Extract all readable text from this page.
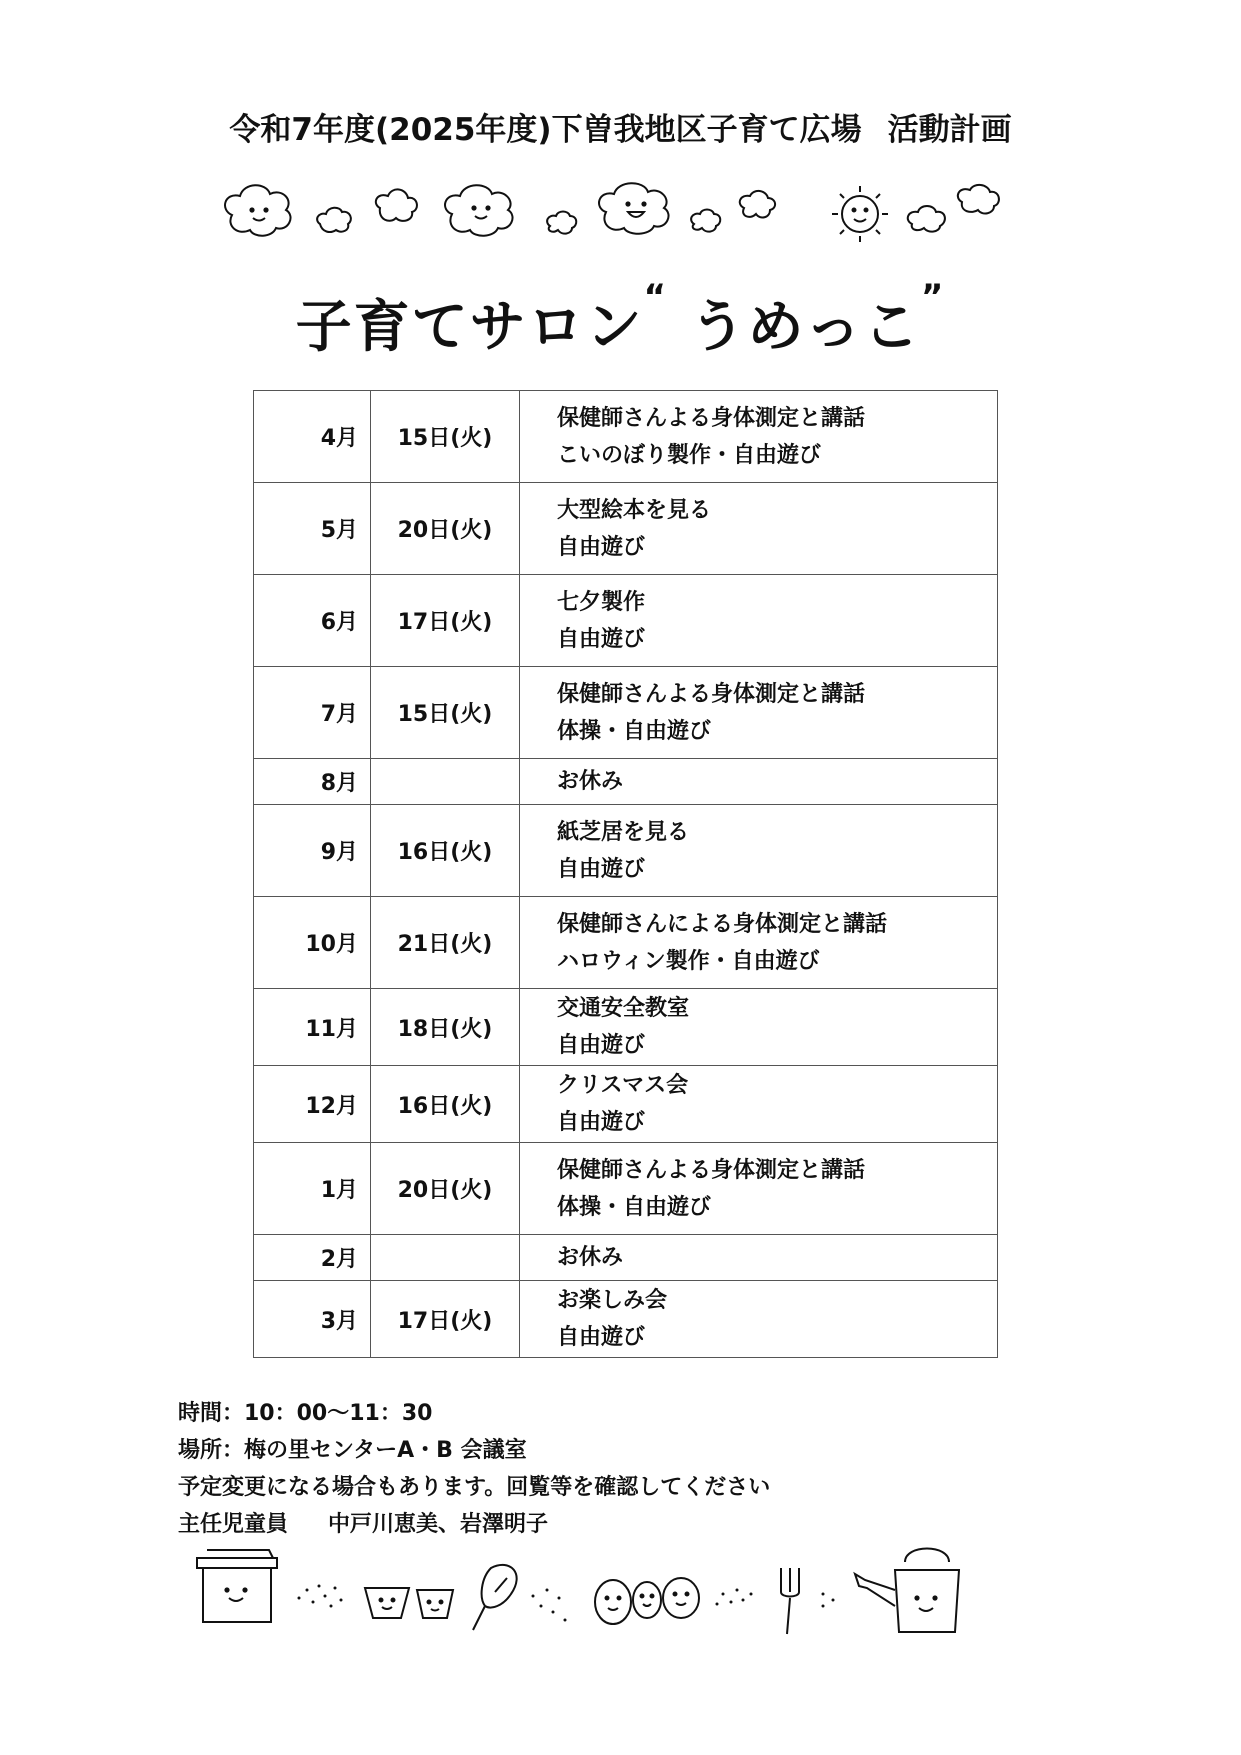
令和7年度(2025年度)下曽我地区子育て広場 活動計画
子育てサロン“ うめっこ”
4月	15日(火)	保健師さんよる身体測定と講話
こいのぼり製作・自由遊び

5月	20日(火)	大型絵本を見る
自由遊び

6月	17日(火)	七夕製作
自由遊び

7月	15日(火)	保健師さんよる身体測定と講話
体操・自由遊び

8月		お休み

9月	16日(火)	紙芝居を見る
自由遊び

10月	21日(火)	保健師さんによる身体測定と講話
ハロウィン製作・自由遊び

11月	18日(火)	交通安全教室
自由遊び

12月	16日(火)	クリスマス会
自由遊び

1月	20日(火)	保健師さんよる身体測定と講話
体操・自由遊び

2月		お休み

3月	17日(火)	お楽しみ会
自由遊び
時間：10：00～11：30
場所：梅の里センターA・B 会議室
予定変更になる場合もあります。回覧等を確認してください
主任児童員 中戸川恵美、岩澤明子
